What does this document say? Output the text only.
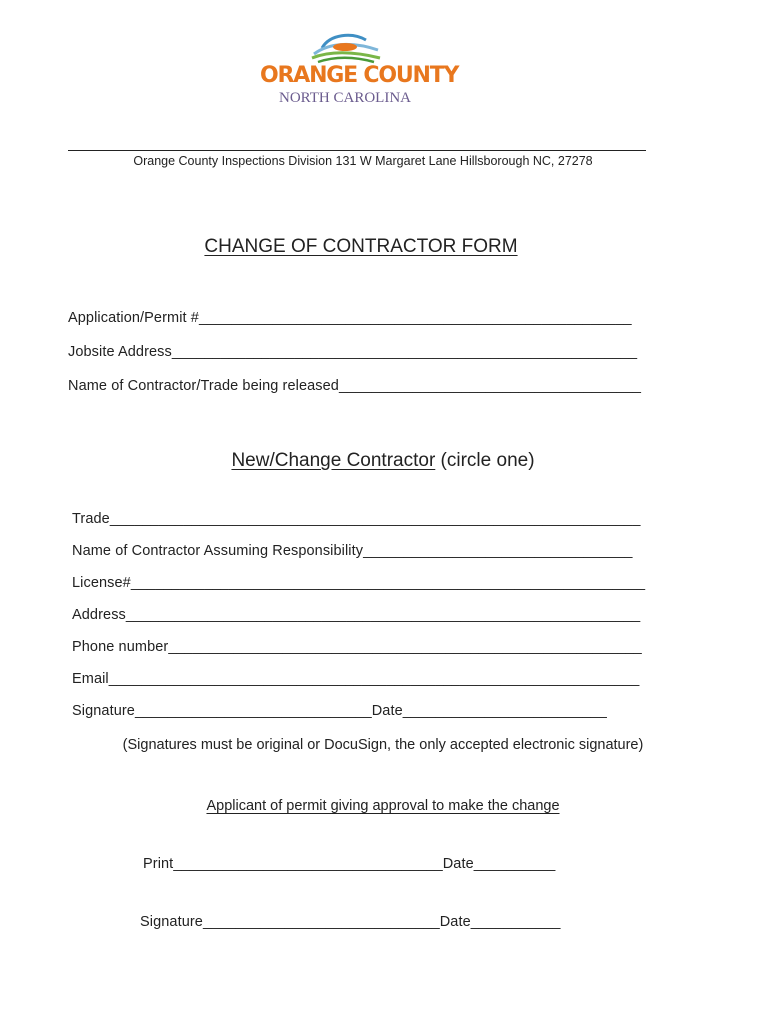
ORANGE COUNTY
NORTH CAROLINA
Orange County Inspections Division 131 W Margaret Lane Hillsborough NC, 27278
CHANGE OF CONTRACTOR FORM
Application/Permit #_____________________________________________________
Jobsite Address_________________________________________________________
Name of Contractor/Trade being released_____________________________________
New/Change Contractor (circle one)
Trade_________________________________________________________________
Name of Contractor Assuming Responsibility_________________________________
License#_______________________________________________________________
Address_______________________________________________________________
Phone number__________________________________________________________
Email_________________________________________________________________
Signature_____________________________Date_________________________
(Signatures must be original or DocuSign, the only accepted electronic signature)
Applicant of permit giving approval to make the change
Print_________________________________Date__________
Signature_____________________________Date___________
